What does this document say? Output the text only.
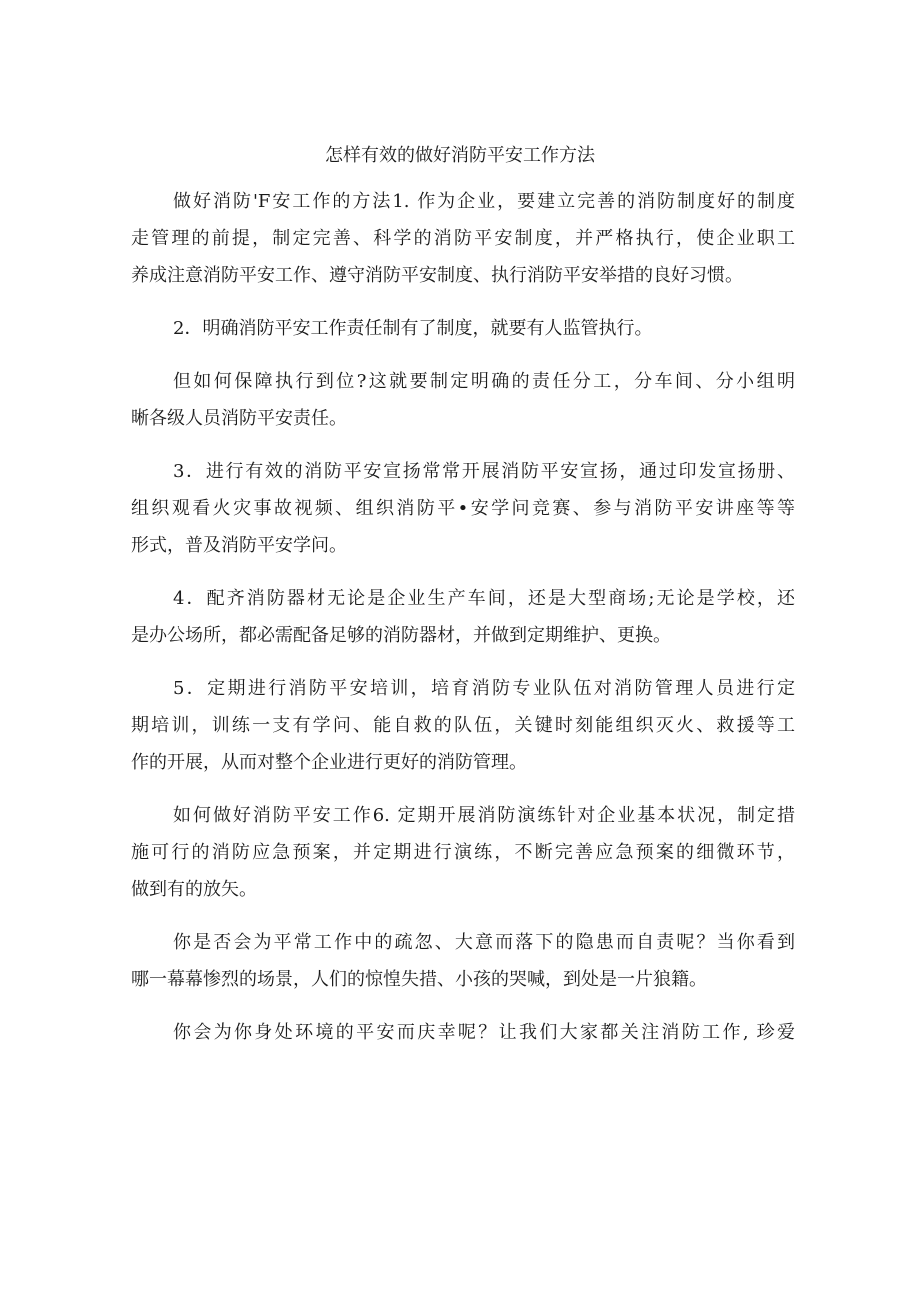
怎样有效的做好消防平安工作方法
做好消防'F安工作的方法1. 作为企业，要建立完善的消防制度好的制度
走管理的前提，制定完善、科学的消防平安制度，并严格执行，使企业职工
养成注意消防平安工作、遵守消防平安制度、执行消防平安举措的良好习惯。
2．明确消防平安工作责任制有了制度，就要有人监管执行。
但如何保障执行到位?这就要制定明确的责任分工，分车间、分小组明
晰各级人员消防平安责任。
3．进行有效的消防平安宣扬常常开展消防平安宣扬，通过印发宣扬册、
组织观看火灾事故视频、组织消防平•安学问竞赛、参与消防平安讲座等等
形式，普及消防平安学问。
4．配齐消防器材无论是企业生产车间，还是大型商场;无论是学校，还
是办公场所，都必需配备足够的消防器材，并做到定期维护、更换。
5．定期进行消防平安培训，培育消防专业队伍对消防管理人员进行定
期培训，训练一支有学问、能自救的队伍，关键时刻能组织灭火、救援等工
作的开展，从而对整个企业进行更好的消防管理。
如何做好消防平安工作6. 定期开展消防演练针对企业基本状况，制定措
施可行的消防应急预案，并定期进行演练，不断完善应急预案的细微环节，
做到有的放矢。
你是否会为平常工作中的疏忽、大意而落下的隐患而自责呢？当你看到
哪一幕幕惨烈的场景，人们的惊惶失措、小孩的哭喊，到处是一片狼籍。
你会为你身处环境的平安而庆幸呢？让我们大家都关注消防工作, 珍爱
